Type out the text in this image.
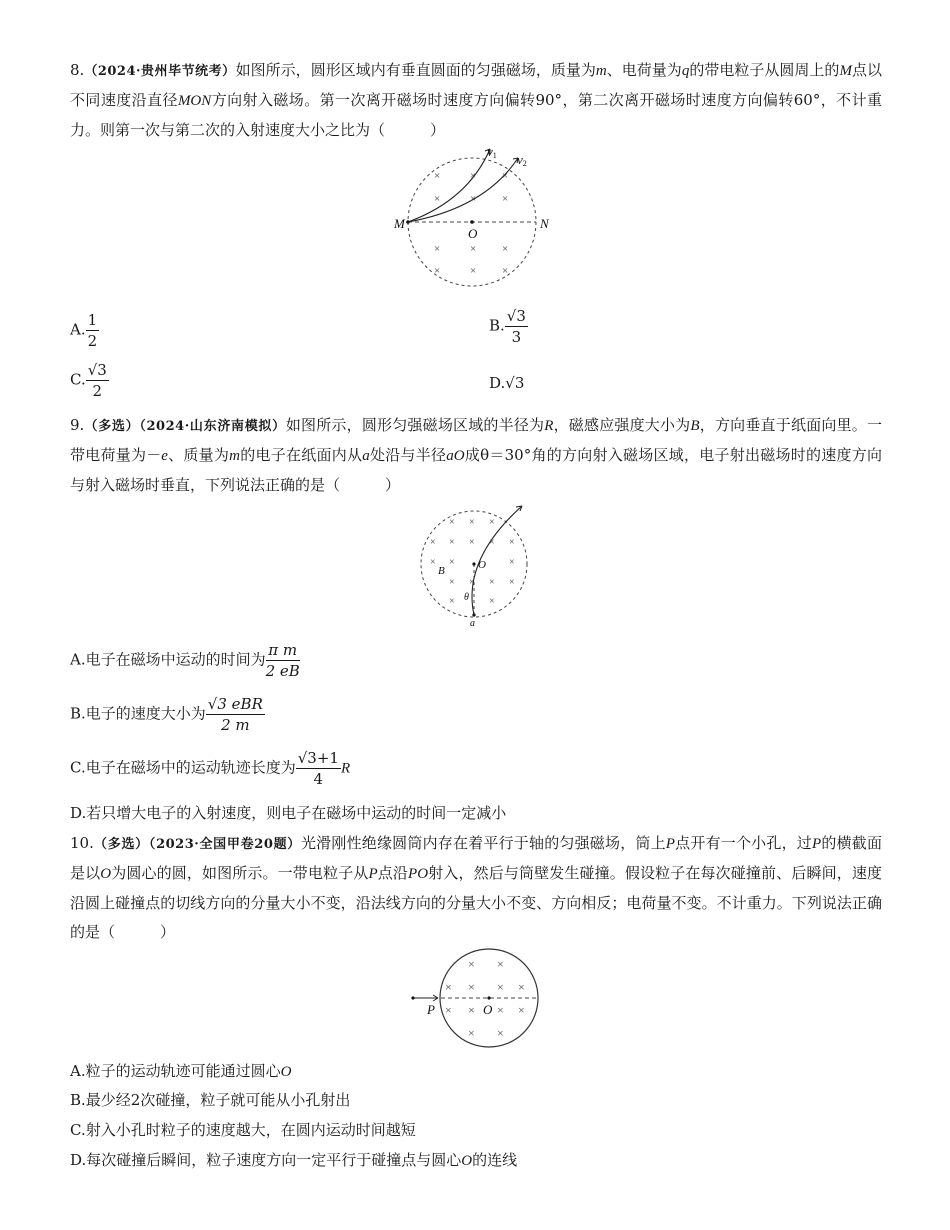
8.（2024·贵州毕节统考）如图所示，圆形区域内有垂直圆面的匀强磁场，质量为m、电荷量为q的带电粒子从圆周上的M点以不同速度沿直径MON方向射入磁场。第一次离开磁场时速度方向偏转90°，第二次离开磁场时速度方向偏转60°，不计重力。则第一次与第二次的入射速度大小之比为（　　　）
×	× ×
×	× ×
×	× ×
×	× ×
M	N
O
v1 v2
A. $\frac{1}{2}$	B. $\frac{√3}{3}$
C. $\frac{√3}{2}$	D.√3
9.（多选）（2024·山东济南模拟）如图所示，圆形匀强磁场区域的半径为R，磁感应强度大小为B，方向垂直于纸面向里。一带电荷量为－e、质量为m的电子在纸面内从a处沿与半径aO成θ＝30°角的方向射入磁场区域，电子射出磁场时的速度方向与射入磁场时垂直，下列说法正确的是（　　　）
× × ×
× × × × ×
× ×	×
× × × ×
×	×
B	O
θ
a
A.电子在磁场中运动的时间为 $\frac{\text{π m}}{2 eB}$
B.电子的速度大小为 $\frac{\text{√3 eBR}}{2 m}$
C.电子在磁场中的运动轨迹长度为 $\frac{√3+1}{4}$ R
D.若只增大电子的入射速度，则电子在磁场中运动的时间一定减小
10.（多选）（2023·全国甲卷20题）光滑刚性绝缘圆筒内存在着平行于轴的匀强磁场，筒上P点开有一个小孔，过P的横截面是以O为圆心的圆，如图所示。一带电粒子从P点沿PO射入，然后与筒壁发生碰撞。假设粒子在每次碰撞前、后瞬间，速度沿圆上碰撞点的切线方向的分量大小不变，沿法线方向的分量大小不变、方向相反；电荷量不变。不计重力。下列说法正确的是（　　　）
× ×
× × × ×
× × × ×
× ×
P	O
A.粒子的运动轨迹可能通过圆心O
B.最少经2次碰撞，粒子就可能从小孔射出
C.射入小孔时粒子的速度越大，在圆内运动时间越短
D.每次碰撞后瞬间，粒子速度方向一定平行于碰撞点与圆心O的连线
